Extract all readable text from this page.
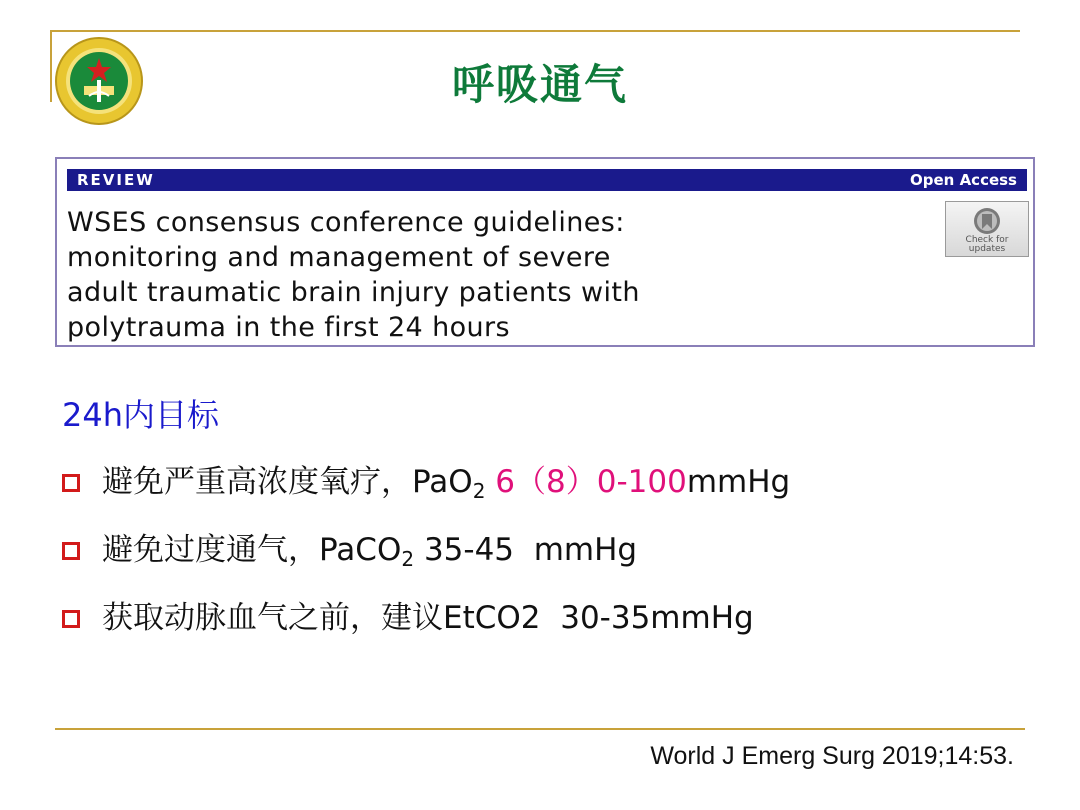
呼吸通气
REVIEW	Open Access
WSES consensus conference guidelines:
monitoring and management of severe
adult traumatic brain injury patients with
polytrauma in the first 24 hours
Check for updates
24h内目标
避免严重高浓度氧疗，PaO$_2$ 6（8）0-100mmHg
避免过度通气，PaCO$_2$ 35-45  mmHg
获取动脉血气之前，建议EtCO2  30-35mmHg
World J Emerg Surg 2019;14:53.
